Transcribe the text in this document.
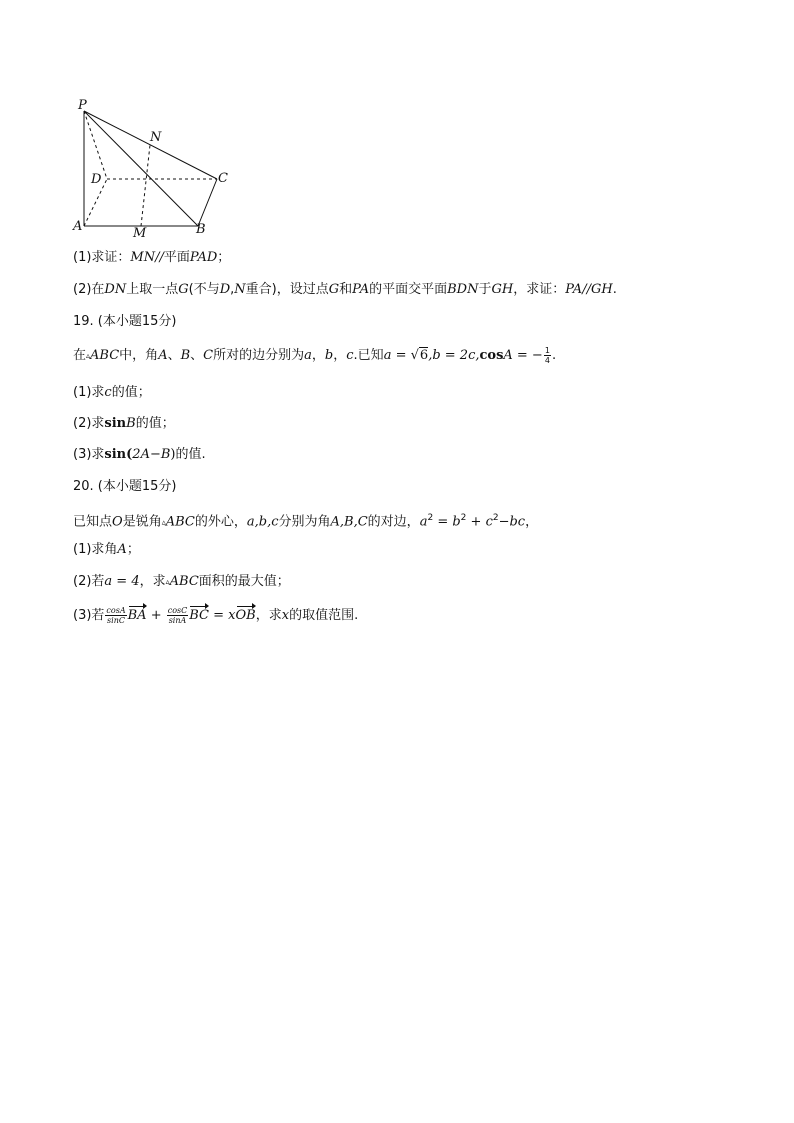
P
N
D	C
A	M	B
(1)求证：MN//平面PAD；
(2)在DN上取一点G(不与D,N重合)，设过点G和PA的平面交平面BDN于GH，求证：PA//GH.
19. (本小题15分)
在▵ABC中，角A、B、C所对的边分别为a，b，c.已知a = √6,b = 2c,cosA = − $\frac{1}{4}$ .
(1)求c的值；
(2)求sinB的值；
(3)求sin(2A−B)的值.
20. (本小题15分)
已知点O是锐角▵ABC的外心，a,b,c分别为角A,B,C的对边，$a^2 = b^2 + c^2-bc$，
(1)求角A；
(2)若a = 4，求▵ABC面积的最大值；
(3)若 $\frac{\cos A}{\sin C}$ BA + $\frac{\cos C}{\sin A}$ BC = xOB，求x的取值范围.
